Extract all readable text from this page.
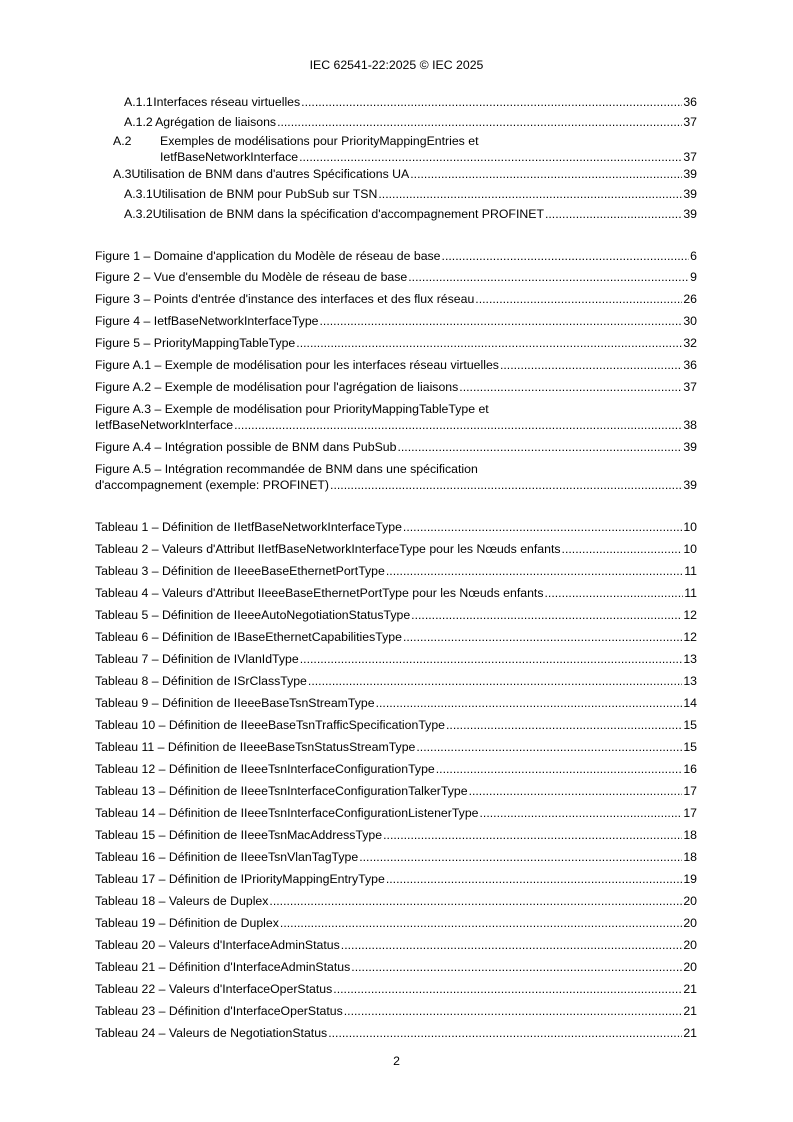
IEC 62541-22:2025 © IEC 2025
A.1.1 Interfaces réseau virtuelles .....	36
A.1.2 Agrégation de liaisons .....	37
A.2 Exemples de modélisations pour PriorityMappingEntries et
IetfBaseNetworkInterface .....	37
A.3 Utilisation de BNM dans d'autres Spécifications UA .....	39
A.3.1 Utilisation de BNM pour PubSub sur TSN .....	39
A.3.2 Utilisation de BNM dans la spécification d'accompagnement PROFINET .....	39
Figure 1 – Domaine d'application du Modèle de réseau de base .....	6
Figure 2 – Vue d'ensemble du Modèle de réseau de base .....	9
Figure 3 – Points d'entrée d'instance des interfaces et des flux réseau .....	26
Figure 4 – IetfBaseNetworkInterfaceType .....	30
Figure 5 – PriorityMappingTableType .....	32
Figure A.1 – Exemple de modélisation pour les interfaces réseau virtuelles .....	36
Figure A.2 – Exemple de modélisation pour l'agrégation de liaisons .....	37
Figure A.3 – Exemple de modélisation pour PriorityMappingTableType et
IetfBaseNetworkInterface .....	38
Figure A.4 – Intégration possible de BNM dans PubSub .....	39
Figure A.5 – Intégration recommandée de BNM dans une spécification
d'accompagnement (exemple: PROFINET) .....	39
Tableau 1 – Définition de IIetfBaseNetworkInterfaceType .....	10
Tableau 2 – Valeurs d'Attribut IIetfBaseNetworkInterfaceType pour les Nœuds enfants .....	10
Tableau 3 – Définition de IIeeeBaseEthernetPortType .....	11
Tableau 4 – Valeurs d'Attribut IIeeeBaseEthernetPortType pour les Nœuds enfants .....	11
Tableau 5 – Définition de IIeeeAutoNegotiationStatusType .....	12
Tableau 6 – Définition de IBaseEthernetCapabilitiesType .....	12
Tableau 7 – Définition de IVlanIdType .....	13
Tableau 8 – Définition de ISrClassType .....	13
Tableau 9 – Définition de IIeeeBaseTsnStreamType .....	14
Tableau 10 – Définition de IIeeeBaseTsnTrafficSpecificationType .....	15
Tableau 11 – Définition de IIeeeBaseTsnStatusStreamType .....	15
Tableau 12 – Définition de IIeeeTsnInterfaceConfigurationType .....	16
Tableau 13 – Définition de IIeeeTsnInterfaceConfigurationTalkerType .....	17
Tableau 14 – Définition de IIeeeTsnInterfaceConfigurationListenerType .....	17
Tableau 15 – Définition de IIeeeTsnMacAddressType .....	18
Tableau 16 – Définition de IIeeeTsnVlanTagType .....	18
Tableau 17 – Définition de IPriorityMappingEntryType .....	19
Tableau 18 – Valeurs de Duplex .....	20
Tableau 19 – Définition de Duplex .....	20
Tableau 20 – Valeurs d'InterfaceAdminStatus .....	20
Tableau 21 – Définition d'InterfaceAdminStatus .....	20
Tableau 22 – Valeurs d'InterfaceOperStatus .....	21
Tableau 23 – Définition d'InterfaceOperStatus .....	21
Tableau 24 – Valeurs de NegotiationStatus .....	21
2
